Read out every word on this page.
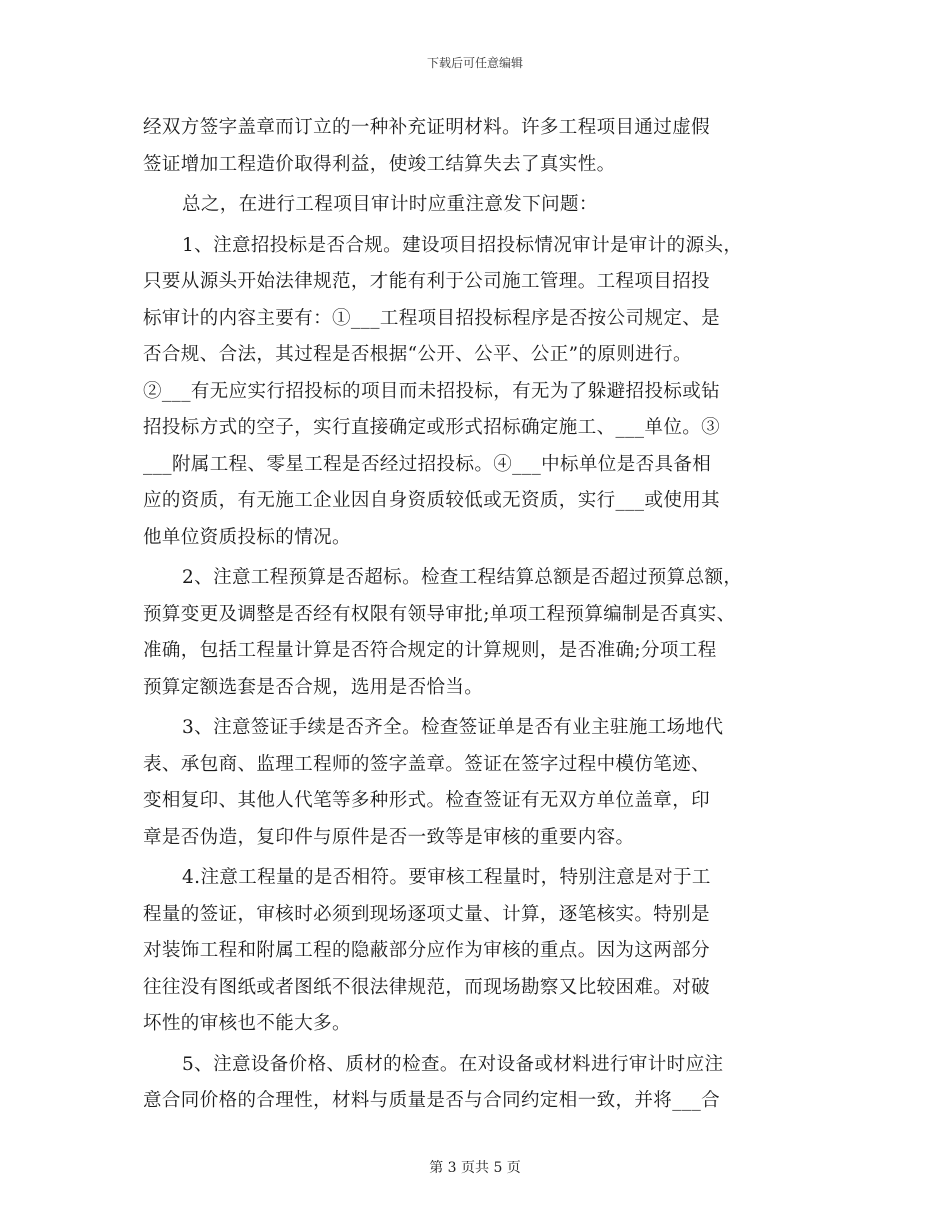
下载后可任意编辑
经双方签字盖章而订立的一种补充证明材料。许多工程项目通过虚假
签证增加工程造价取得利益，使竣工结算失去了真实性。
总之，在进行工程项目审计时应重注意发下问题：
1、注意招投标是否合规。建设项目招投标情况审计是审计的源头，
只要从源头开始法律规范，才能有利于公司施工管理。工程项目招投
标审计的内容主要有：①___工程项目招投标程序是否按公司规定、是
否合规、合法，其过程是否根据“公开、公平、公正”的原则进行。
②___有无应实行招投标的项目而未招投标，有无为了躲避招投标或钻
招投标方式的空子，实行直接确定或形式招标确定施工、___单位。③
___附属工程、零星工程是否经过招投标。④___中标单位是否具备相
应的资质，有无施工企业因自身资质较低或无资质，实行___或使用其
他单位资质投标的情况。
2、注意工程预算是否超标。检查工程结算总额是否超过预算总额，
预算变更及调整是否经有权限有领导审批;单项工程预算编制是否真实、
准确，包括工程量计算是否符合规定的计算规则，是否准确;分项工程
预算定额选套是否合规，选用是否恰当。
3、注意签证手续是否齐全。检查签证单是否有业主驻施工场地代
表、承包商、监理工程师的签字盖章。签证在签字过程中模仿笔迹、
变相复印、其他人代笔等多种形式。检查签证有无双方单位盖章，印
章是否伪造，复印件与原件是否一致等是审核的重要内容。
4.注意工程量的是否相符。要审核工程量时，特别注意是对于工
程量的签证，审核时必须到现场逐项丈量、计算，逐笔核实。特别是
对装饰工程和附属工程的隐蔽部分应作为审核的重点。因为这两部分
往往没有图纸或者图纸不很法律规范，而现场勘察又比较困难。对破
坏性的审核也不能大多。
5、注意设备价格、质材的检查。在对设备或材料进行审计时应注
意合同价格的合理性，材料与质量是否与合同约定相一致，并将___合
第 3 页共 5 页
